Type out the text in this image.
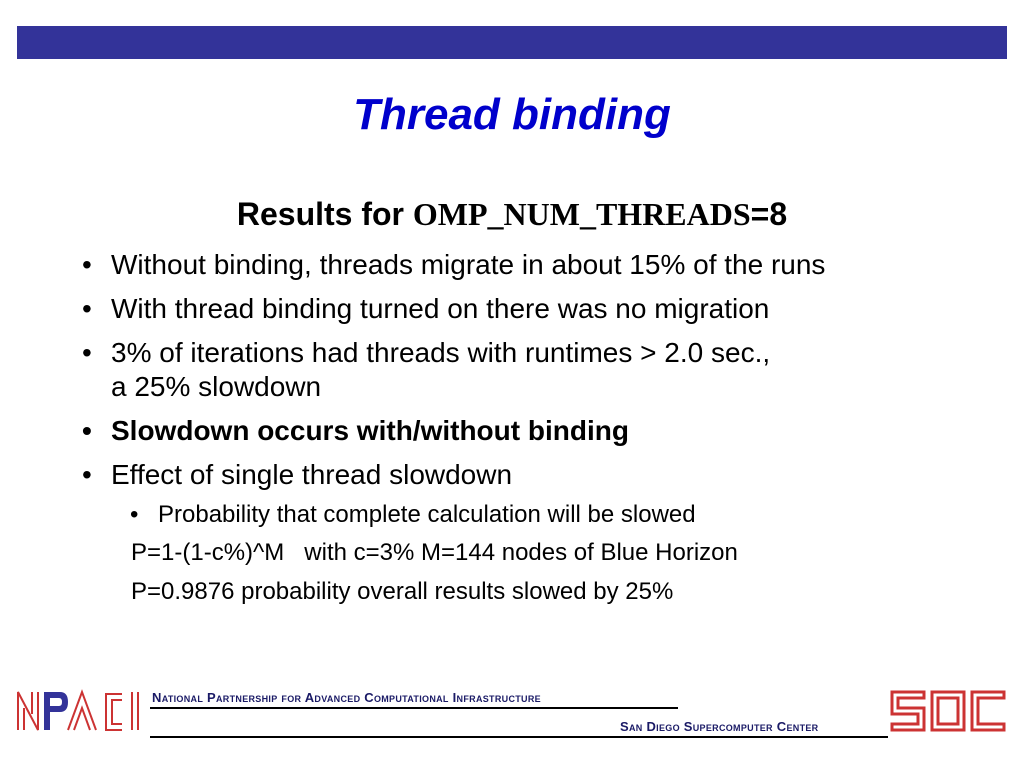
Thread binding
Results for OMP_NUM_THREADS=8
• Without binding, threads migrate in about 15% of the runs
• With thread binding turned on there was no migration
• 3% of iterations had threads with runtimes > 2.0 sec.,
a 25% slowdown
• Slowdown occurs with/without binding
• Effect of single thread slowdown
• Probability that complete calculation will be slowed
P=1-(1-c%)^M   with c=3% M=144 nodes of Blue Horizon
P=0.9876 probability overall results slowed by 25%
National Partnership for Advanced Computational Infrastructure
San Diego Supercomputer Center
